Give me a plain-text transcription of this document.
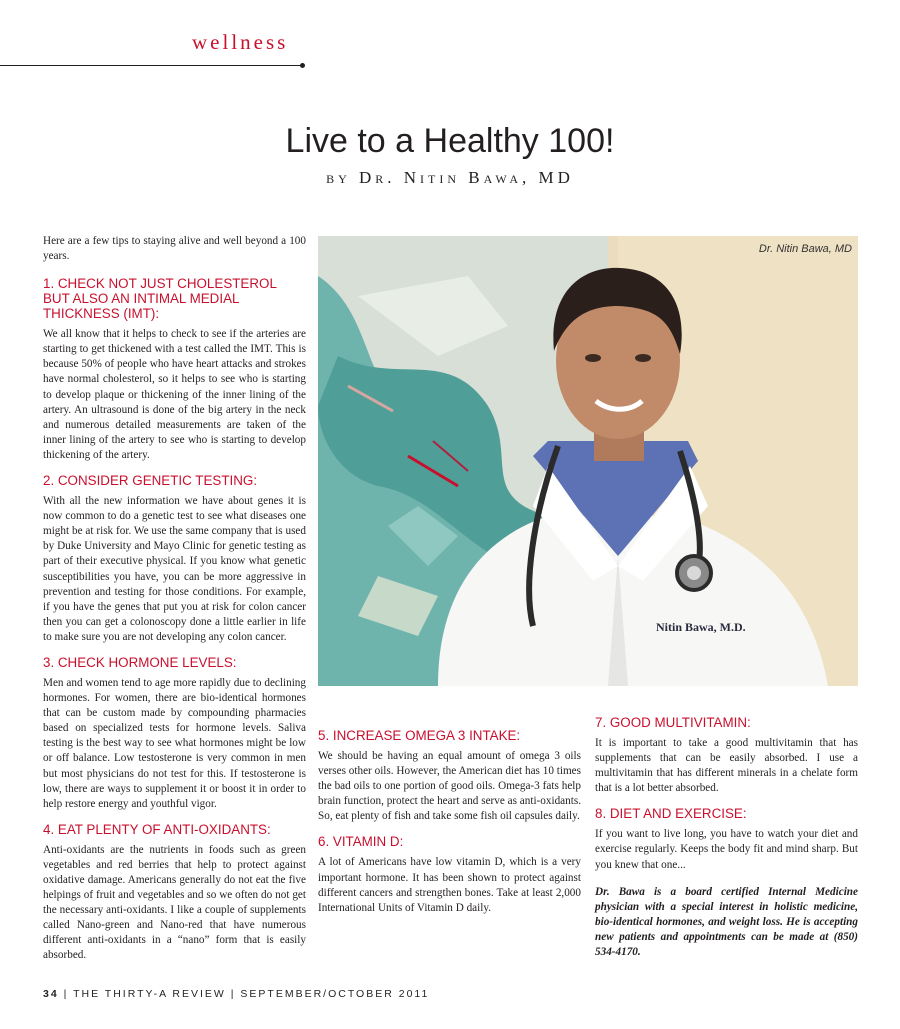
wellness
Live to a Healthy 100!
by Dr. Nitin Bawa, MD

Here are a few tips to staying alive and well beyond a 100 years.

1. CHECK NOT JUST CHOLESTEROL BUT ALSO AN INTIMAL MEDIAL THICKNESS (IMT):

We all know that it helps to check to see if the arteries are starting to get thickened with a test called the IMT. This is because 50% of people who have heart attacks and strokes have normal cholesterol, so it helps to see who is starting to develop plaque or thickening of the inner lining of the artery. An ultrasound is done of the big artery in the neck and numerous detailed measurements are taken of the inner lining of the artery to see who is starting to develop thickening of the artery.

2. CONSIDER GENETIC TESTING:

With all the new information we have about genes it is now common to do a genetic test to see what diseases one might be at risk for. We use the same company that is used by Duke University and Mayo Clinic for genetic testing as part of their executive physical. If you know what genetic susceptibilities you have, you can be more aggressive in prevention and testing for those conditions. For example, if you have the genes that put you at risk for colon cancer then you can get a colonoscopy done a little earlier in life to make sure you are not developing any colon cancer.

3. CHECK HORMONE LEVELS:

Men and women tend to age more rapidly due to declining hormones. For women, there are bio-identical hormones that can be custom made by compounding pharmacies based on specialized tests for hormone levels. Saliva testing is the best way to see what hormones might be low or off balance. Low testosterone is very common in men but most physicians do not test for this. If testosterone is low, there are ways to supplement it or boost it in order to help restore energy and youthful vigor.

4. EAT PLENTY OF ANTI-OXIDANTS:

Anti-oxidants are the nutrients in foods such as green vegetables and red berries that help to protect against oxidative damage. Americans generally do not eat the five helpings of fruit and vegetables and so we often do not get the necessary anti-oxidants. I like a couple of supplements called Nano-green and Nano-red that have numerous different anti-oxidants in a “nano” form that is easily absorbed.

Nitin Bawa, M.D.
Dr. Nitin Bawa, MD
5. INCREASE OMEGA 3 INTAKE:

We should be having an equal amount of omega 3 oils verses other oils. However, the American diet has 10 times the bad oils to one portion of good oils. Omega-3 fats help brain function, protect the heart and serve as anti-oxidants. So, eat plenty of fish and take some fish oil capsules daily.

6. VITAMIN D:

A lot of Americans have low vitamin D, which is a very important hormone. It has been shown to protect against different cancers and strengthen bones. Take at least 2,000 International Units of Vitamin D daily.

7. GOOD MULTIVITAMIN:

It is important to take a good multivitamin that has supplements that can be easily absorbed. I use a multivitamin that has different minerals in a chelate form that is a lot better absorbed.

8. DIET AND EXERCISE:

If you want to live long, you have to watch your diet and exercise regularly. Keeps the body fit and mind sharp. But you knew that one...

Dr. Bawa is a board certified Internal Medicine physician with a special interest in holistic medicine, bio-identical hormones, and weight loss. He is accepting new patients and appointments can be made at (850) 534-4170.

34 | THE THIRTY-A REVIEW | SEPTEMBER/OCTOBER 2011
